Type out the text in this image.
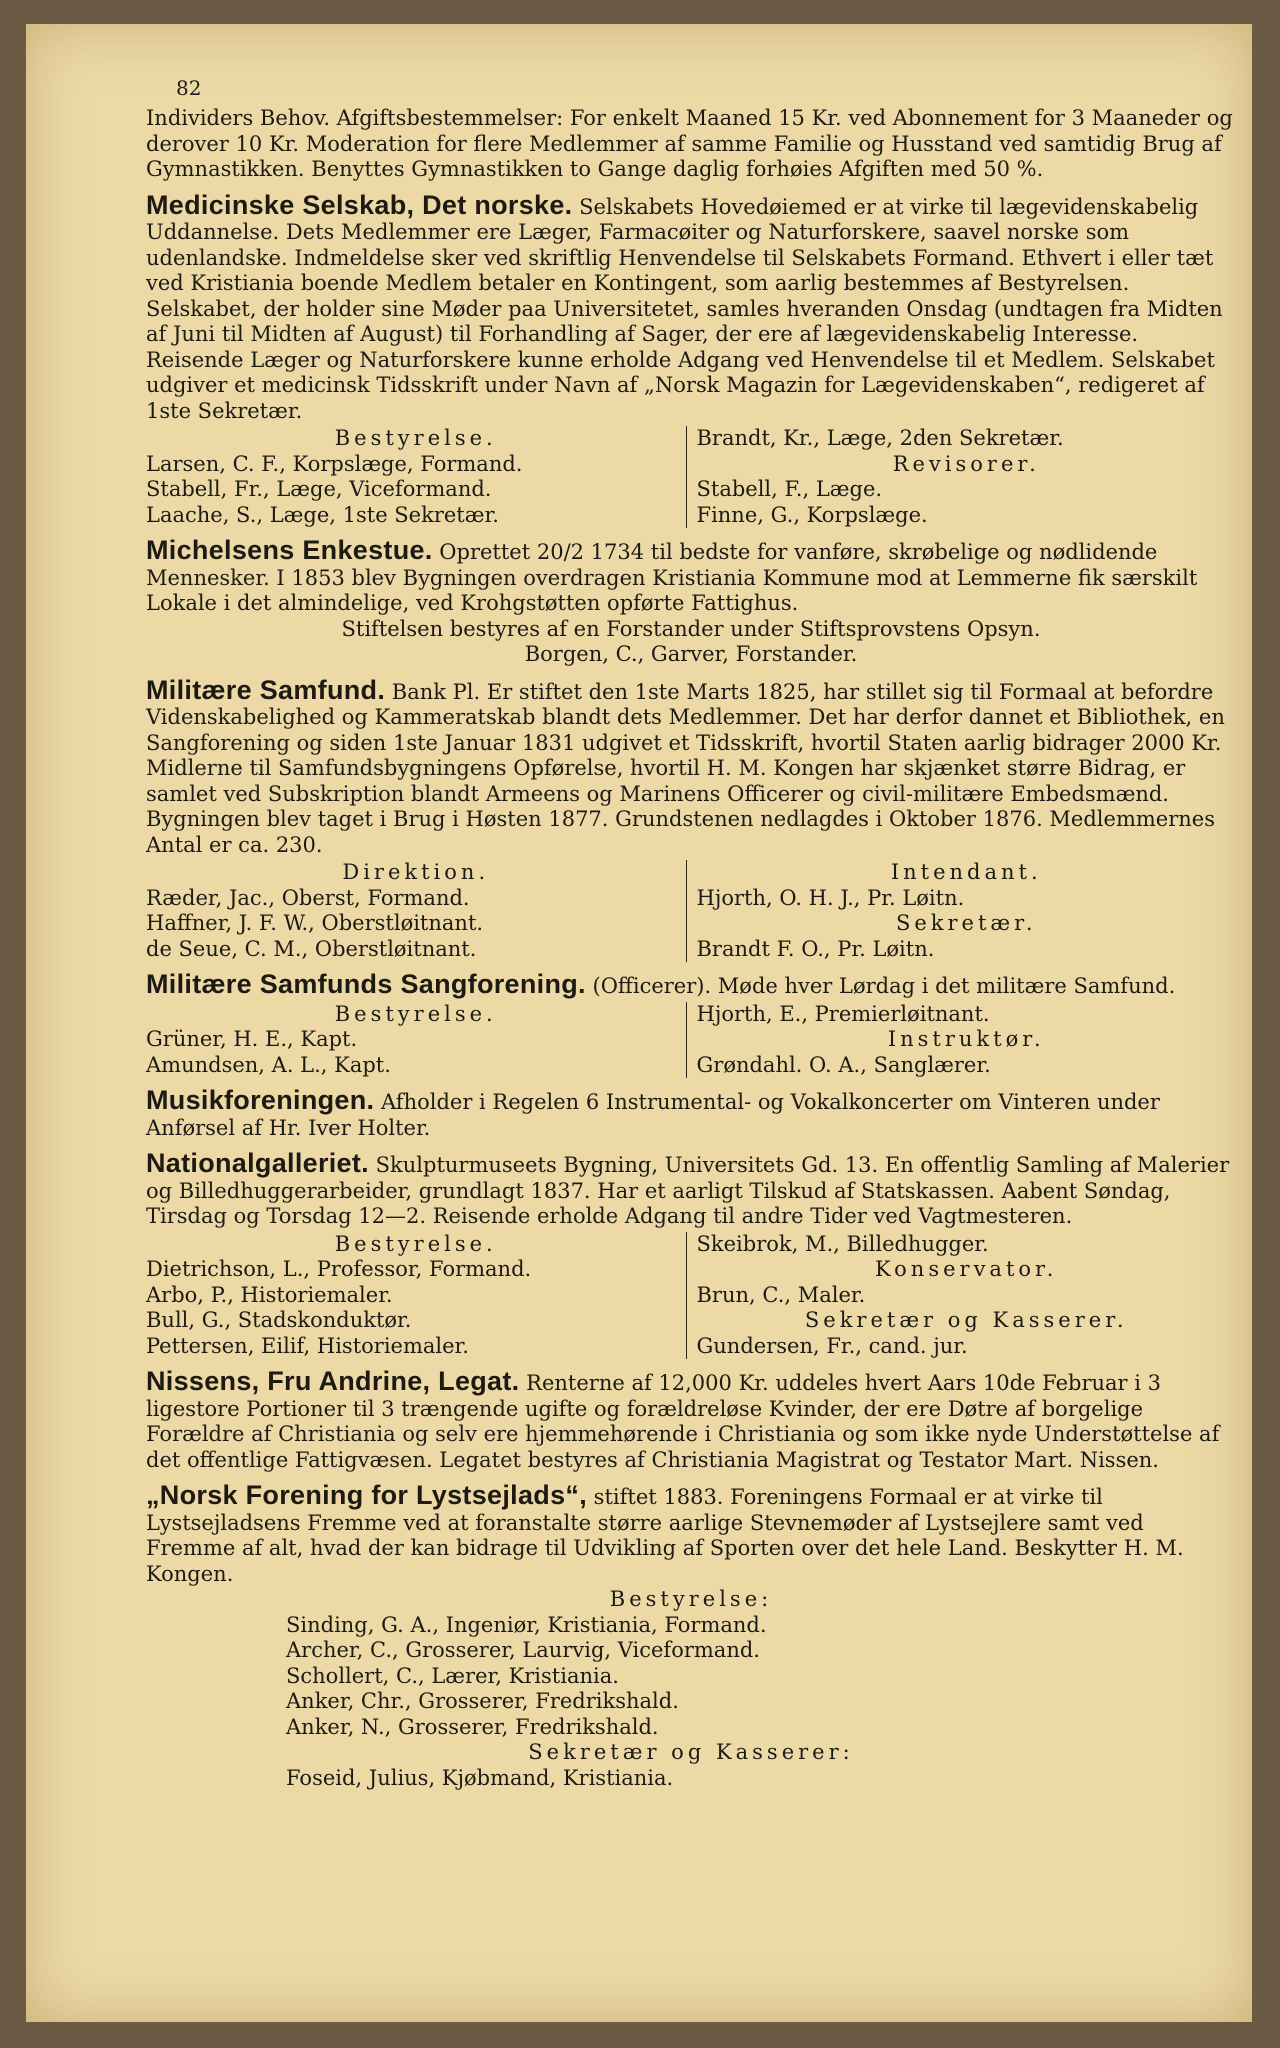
82

Individers Behov. Afgiftsbestemmelser: For enkelt Maaned 15 Kr. ved Abonnement for 3 Maaneder og derover 10 Kr. Moderation for flere Medlemmer af samme Familie og Husstand ved samtidig Brug af Gymnastikken. Benyttes Gymnastikken to Gange daglig forhøies Afgiften med 50 %.

Medicinske Selskab, Det norske. Selskabets Hovedøiemed er at virke til lægevidenskabelig Uddannelse. Dets Medlemmer ere Læger, Farmacøiter og Naturforskere, saavel norske som udenlandske. Indmeldelse sker ved skriftlig Henvendelse til Selskabets Formand. Ethvert i eller tæt ved Kristiania boende Medlem betaler en Kontingent, som aarlig bestemmes af Bestyrelsen. Selskabet, der holder sine Møder paa Universitetet, samles hveranden Onsdag (undtagen fra Midten af Juni til Midten af August) til Forhandling af Sager, der ere af lægevidenskabelig Interesse. Reisende Læger og Naturforskere kunne erholde Adgang ved Henvendelse til et Medlem. Selskabet udgiver et medicinsk Tidsskrift under Navn af „Norsk Magazin for Lægevidenskaben“, redigeret af 1ste Sekretær.

Bestyrelse.
Larsen, C. F., Korpslæge, Formand.
Stabell, Fr., Læge, Viceformand.
Laache, S., Læge, 1ste Sekretær.
Brandt, Kr., Læge, 2den Sekretær.
Revisorer.
Stabell, F., Læge.
Finne, G., Korpslæge.

Michelsens Enkestue. Oprettet 20/2 1734 til bedste for vanføre, skrøbelige og nødlidende Mennesker. I 1853 blev Bygningen overdragen Kristiania Kommune mod at Lemmerne fik særskilt Lokale i det almindelige, ved Krohgstøtten opførte Fattighus.

Stiftelsen bestyres af en Forstander under Stiftsprovstens Opsyn.
Borgen, C., Garver, Forstander.

Militære Samfund. Bank Pl. Er stiftet den 1ste Marts 1825, har stillet sig til Formaal at befordre Videnskabelighed og Kammeratskab blandt dets Medlemmer. Det har derfor dannet et Bibliothek, en Sangforening og siden 1ste Januar 1831 udgivet et Tidsskrift, hvortil Staten aarlig bidrager 2000 Kr. Midlerne til Samfundsbygningens Opførelse, hvortil H. M. Kongen har skjænket større Bidrag, er samlet ved Subskription blandt Armeens og Marinens Officerer og civil-militære Embedsmænd. Bygningen blev taget i Brug i Høsten 1877. Grundstenen nedlagdes i Oktober 1876. Medlemmernes Antal er ca. 230.

Direktion.
Ræder, Jac., Oberst, Formand.
Haffner, J. F. W., Oberstløitnant.
de Seue, C. M., Oberstløitnant.
Intendant.
Hjorth, O. H. J., Pr. Løitn.
Sekretær.
Brandt F. O., Pr. Løitn.

Militære Samfunds Sangforening. (Officerer). Møde hver Lørdag i det militære Samfund.

Bestyrelse.
Grüner, H. E., Kapt.
Amundsen, A. L., Kapt.
Hjorth, E., Premierløitnant.
Instruktør.
Grøndahl. O. A., Sanglærer.

Musikforeningen. Afholder i Regelen 6 Instrumental- og Vokalkoncerter om Vinteren under Anførsel af Hr. Iver Holter.

Nationalgalleriet. Skulpturmuseets Bygning, Universitets Gd. 13. En offentlig Samling af Malerier og Billedhuggerarbeider, grundlagt 1837. Har et aarligt Tilskud af Statskassen. Aabent Søndag, Tirsdag og Torsdag 12—2. Reisende erholde Adgang til andre Tider ved Vagtmesteren.

Bestyrelse.
Dietrichson, L., Professor, Formand.
Arbo, P., Historiemaler.
Bull, G., Stadskonduktør.
Pettersen, Eilif, Historiemaler.
Skeibrok, M., Billedhugger.
Konservator.
Brun, C., Maler.
Sekretær og Kasserer.
Gundersen, Fr., cand. jur.

Nissens, Fru Andrine, Legat. Renterne af 12,000 Kr. uddeles hvert Aars 10de Februar i 3 ligestore Portioner til 3 trængende ugifte og forældreløse Kvinder, der ere Døtre af borgelige Forældre af Christiania og selv ere hjemmehørende i Christiania og som ikke nyde Understøttelse af det offentlige Fattigvæsen. Legatet bestyres af Christiania Magistrat og Testator Mart. Nissen.

„Norsk Forening for Lystsejlads“, stiftet 1883. Foreningens Formaal er at virke til Lystsejladsens Fremme ved at foranstalte større aarlige Stevnemøder af Lystsejlere samt ved Fremme af alt, hvad der kan bidrage til Udvikling af Sporten over det hele Land. Beskytter H. M. Kongen.

Bestyrelse:
Sinding, G. A., Ingeniør, Kristiania, Formand.
Archer, C., Grosserer, Laurvig, Viceformand.
Schollert, C., Lærer, Kristiania.
Anker, Chr., Grosserer, Fredrikshald.
Anker, N., Grosserer, Fredrikshald.
Sekretær og Kasserer:
Foseid, Julius, Kjøbmand, Kristiania.
